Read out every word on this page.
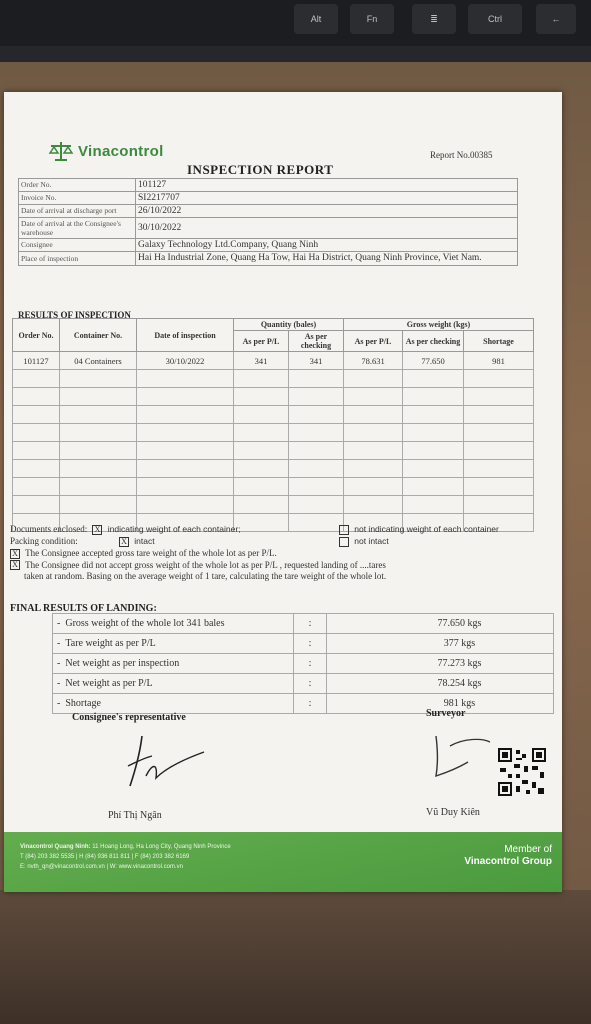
Alt	Fn	≣	Ctrl	←
Vinacontrol	Report No.00385
INSPECTION REPORT
Order No.	101127
Invoice No.	SI2217707
Date of arrival at discharge port	26/10/2022
Date of arrival at the Consignee's warehouse	30/10/2022
Consignee	Galaxy Technology Ltd.Company, Quang Ninh
Place of inspection	Hai Ha Industrial Zone, Quang Ha Tow, Hai Ha District, Quang Ninh Province, Viet Nam.
RESULTS OF INSPECTION
Order No.	Container No.	Date of inspection	Quantity (bales)		Gross weight (kgs)		
			As per P/L	As per checking	As per P/L	As per checking	Shortage
101127	04 Containers	30/10/2022	341	341	78.631	77.650	981

Documents enclosed: X indicating weight of each container;	not indicating weight of each container
Packing condition:	X intact	not intact
X The Consignee accepted gross tare weight of the whole lot as per P/L.
X The Consignee did not accept gross weight of the whole lot as per P/L , requested landing of ....tares
taken at random. Basing on the average weight of 1 tare, calculating the tare weight of the whole lot.
FINAL RESULTS OF LANDING:
- Gross weight of the whole lot 341 bales	:	77.650 kgs
- Tare weight as per P/L	:	377 kgs
- Net weight as per inspection	:	77.273 kgs
- Net weight as per P/L	:	78.254 kgs
- Shortage	:	981 kgs
Consignee's representative	Surveyor
Phí Thị Ngân	Vũ Duy Kiên
Vinacontrol Quang Ninh: 11 Hoang Long, Ha Long City, Quang Ninh Province
T (84) 203 382 5535 | H (84) 936 811 811 | F (84) 203 382 6169
E: nvth_qn@vinacontrol.com.vn | W: www.vinacontrol.com.vn
Member of
Vinacontrol Group
